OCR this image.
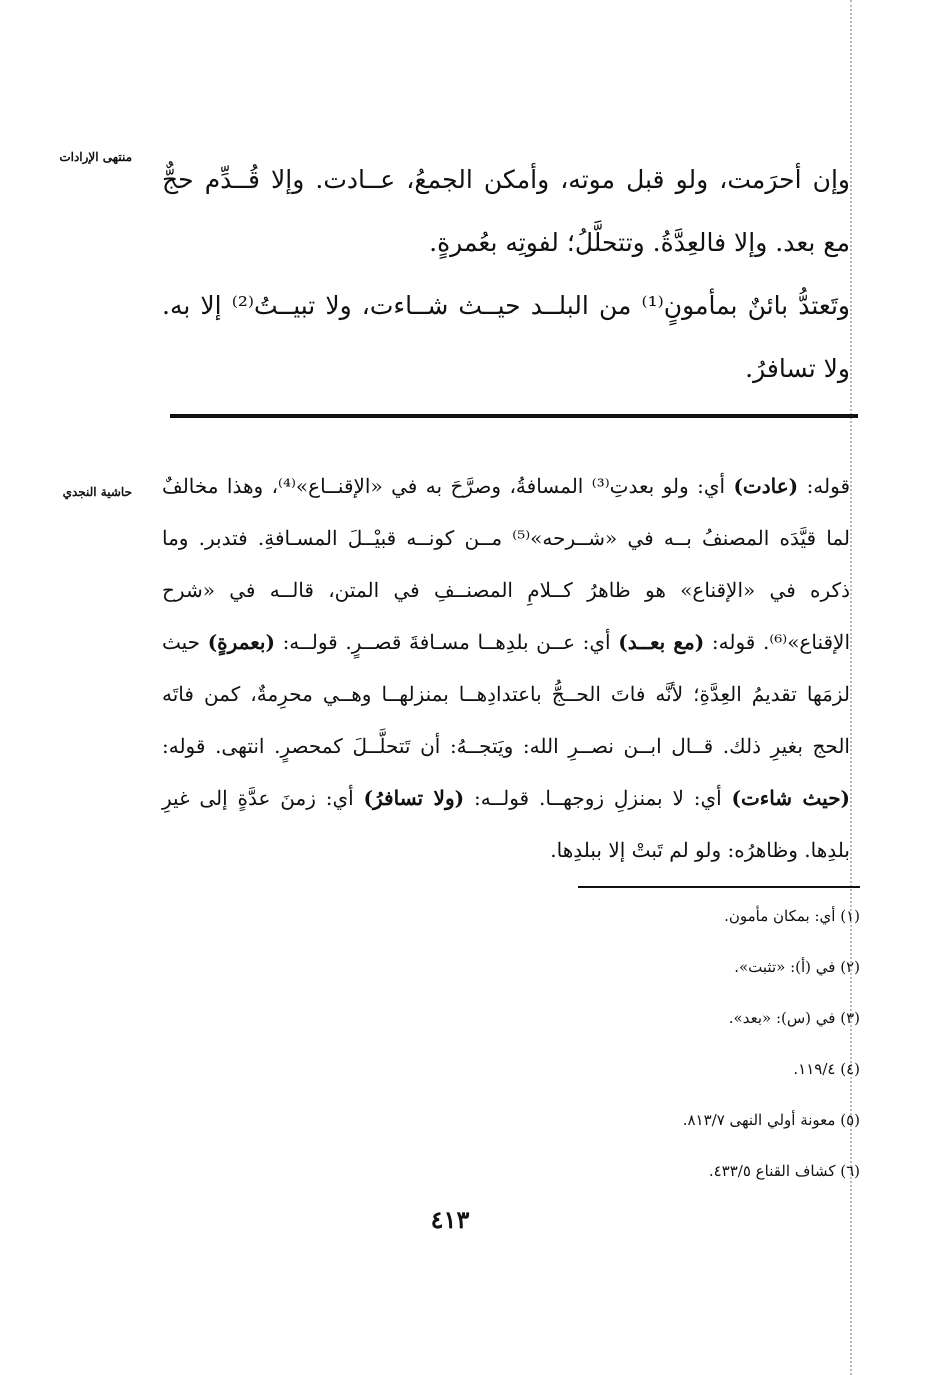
منتهى الإرادات

وإن أحرَمت، ولو قبل موته، وأمكن الجمعُ، عــادت. وإلا قُــدِّم حجٌّ مع بعد. وإلا فالعِدَّةُ. وتتحلَّلُ؛ لفوتِه بعُمرةٍ.

وتَعتدُّ بائنٌ بمأمونٍ⁽¹⁾ من البلــد حيــث شــاءت، ولا تبيــتُ⁽²⁾ إلا به. ولا تسافرُ.

حاشية النجدي	قوله: (عادت) أي: ولو بعدتِ⁽³⁾ المسافةُ، وصرَّحَ به في «الإقنــاع»⁽⁴⁾، وهذا مخالفٌ لما قيَّدَه المصنفُ بــه في «شــرحه»⁽⁵⁾ مــن كونــه قبيْــلَ المسـافةِ. فتدبر. وما ذكره في «الإقناع» هو ظاهرُ كــلامِ المصنــفِ في المتن، قالــه في «شرح الإقناع»⁽⁶⁾. قوله: (مع بعــد) أي: عــن بلدِهــا مسـافةَ قصــرٍ. قولــه: (بعمرةٍ) حيث لزمَها تقديمُ العِدَّةِ؛ لأنَّه فاتَ الحــجُّ باعتدادِهــا بمنزلهــا وهــي محرِمةٌ، كمن فاتَه الحج بغيرِ ذلك. قــال ابــن نصــرِ الله: ويَتجــهُ: أن تَتحلَّــلَ كمحصرٍ. انتهى. قوله: (حيث شاءت) أي: لا بمنزلِ زوجهــا. قولــه: (ولا تسافرُ) أي: زمنَ عدَّةٍ إلى غيرِ بلدِها. وظاهرُه: ولو لم تَبتْ إلا ببلدِها.
(١) أي: بمكان مأمون.
(٢) في (أ): «تثبت».
(٣) في (س): «بعد».
(٤) ١١٩/٤.
(٥) معونة أولي النهى ٨١٣/٧.
(٦) كشاف القناع ٤٣٣/٥.
٤١٣
